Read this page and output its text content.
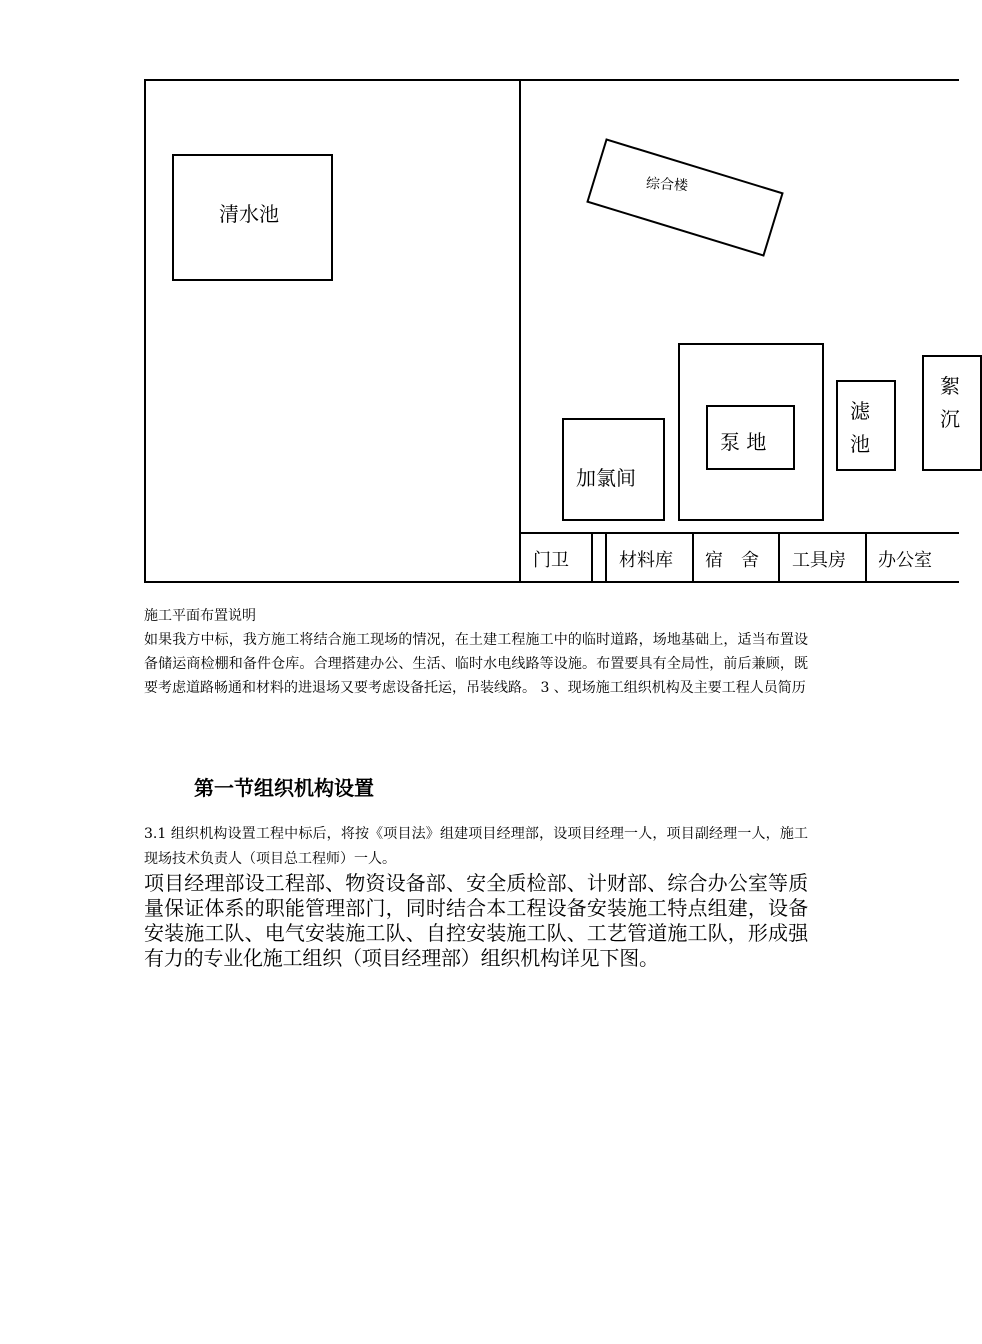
清水池
综合楼
泵 地
加氯间
滤
池
絮
沉
门卫	材料库 宿　舍 工具房 办公室
施工平面布置说明
如果我方中标，我方施工将结合施工现场的情况，在土建工程施工中的临时道路，场地基础上，适当布置设备储运商检棚和备件仓库。合理搭建办公、生活、临时水电线路等设施。布置要具有全局性，前后兼顾，既要考虑道路畅通和材料的进退场又要考虑设备托运，吊装线路。 3 、现场施工组织机构及主要工程人员简历
第一节组织机构设置
3.1 组织机构设置工程中标后，将按《项目法》组建项目经理部，设项目经理一人，项目副经理一人，施工现场技术负责人（项目总工程师）一人。
项目经理部设工程部、物资设备部、安全质检部、计财部、综合办公室等质量保证体系的职能管理部门，同时结合本工程设备安装施工特点组建，设备安装施工队、电气安装施工队、自控安装施工队、工艺管道施工队，形成强有力的专业化施工组织（项目经理部）组织机构详见下图。
